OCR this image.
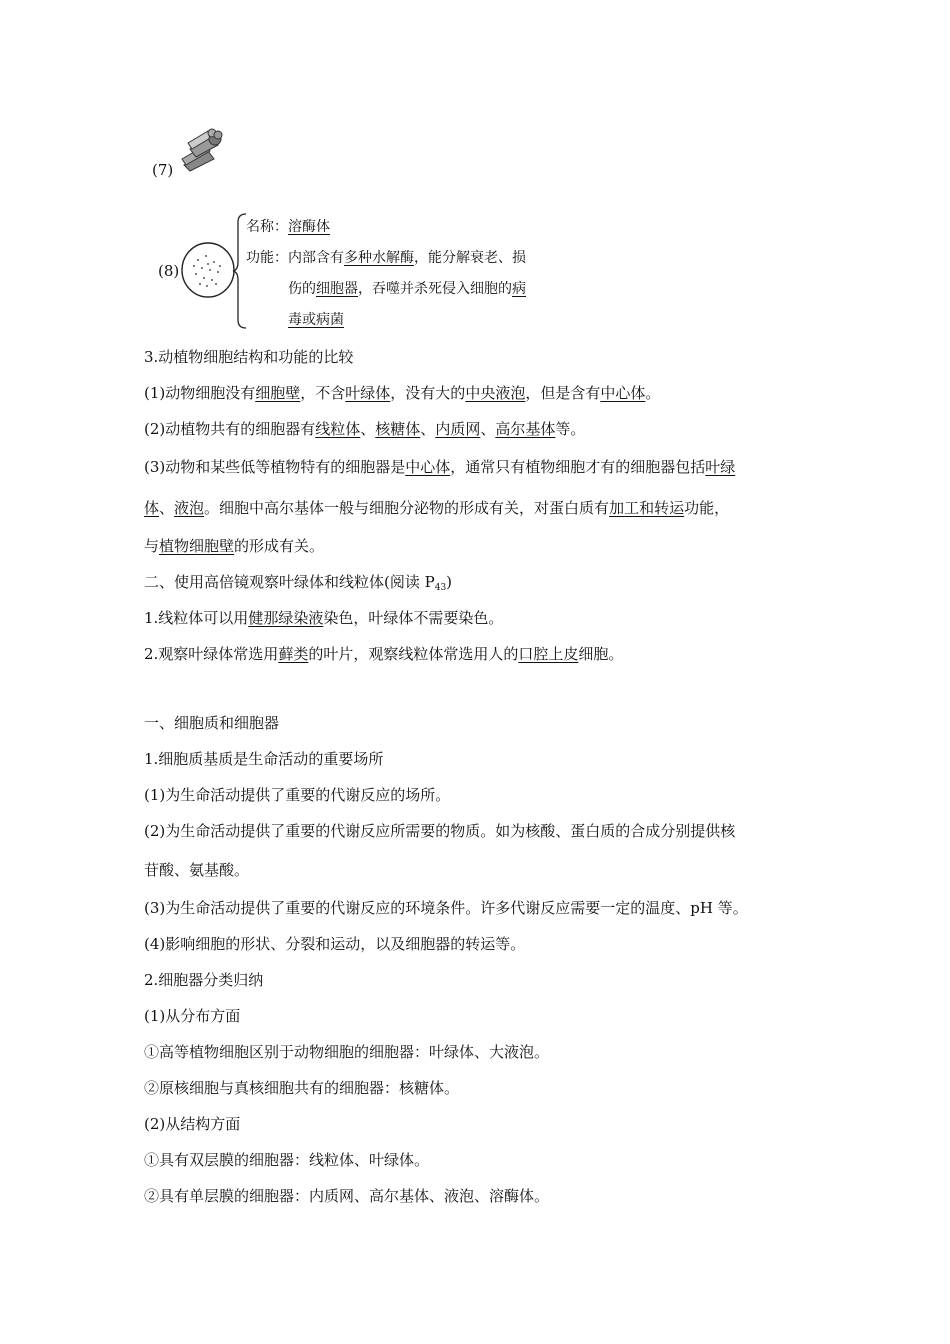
(7)
(8)
名称：溶酶体
功能：内部含有多种水解酶，能分解衰老、损
伤的细胞器，吞噬并杀死侵入细胞的病
毒或病菌
3.动植物细胞结构和功能的比较
(1)动物细胞没有细胞壁，不含叶绿体，没有大的中央液泡，但是含有中心体。
(2)动植物共有的细胞器有线粒体、核糖体、内质网、高尔基体等。
(3)动物和某些低等植物特有的细胞器是中心体，通常只有植物细胞才有的细胞器包括叶绿
体、液泡。细胞中高尔基体一般与细胞分泌物的形成有关，对蛋白质有加工和转运功能，
与植物细胞壁的形成有关。
二、使用高倍镜观察叶绿体和线粒体(阅读 $P_{43}$)
1.线粒体可以用健那绿染液染色，叶绿体不需要染色。
2.观察叶绿体常选用藓类的叶片，观察线粒体常选用人的口腔上皮细胞。
一、细胞质和细胞器
1.细胞质基质是生命活动的重要场所
(1)为生命活动提供了重要的代谢反应的场所。
(2)为生命活动提供了重要的代谢反应所需要的物质。如为核酸、蛋白质的合成分别提供核
苷酸、氨基酸。
(3)为生命活动提供了重要的代谢反应的环境条件。许多代谢反应需要一定的温度、pH 等。
(4)影响细胞的形状、分裂和运动，以及细胞器的转运等。
2.细胞器分类归纳
(1)从分布方面
①高等植物细胞区别于动物细胞的细胞器：叶绿体、大液泡。
②原核细胞与真核细胞共有的细胞器：核糖体。
(2)从结构方面
①具有双层膜的细胞器：线粒体、叶绿体。
②具有单层膜的细胞器：内质网、高尔基体、液泡、溶酶体。
